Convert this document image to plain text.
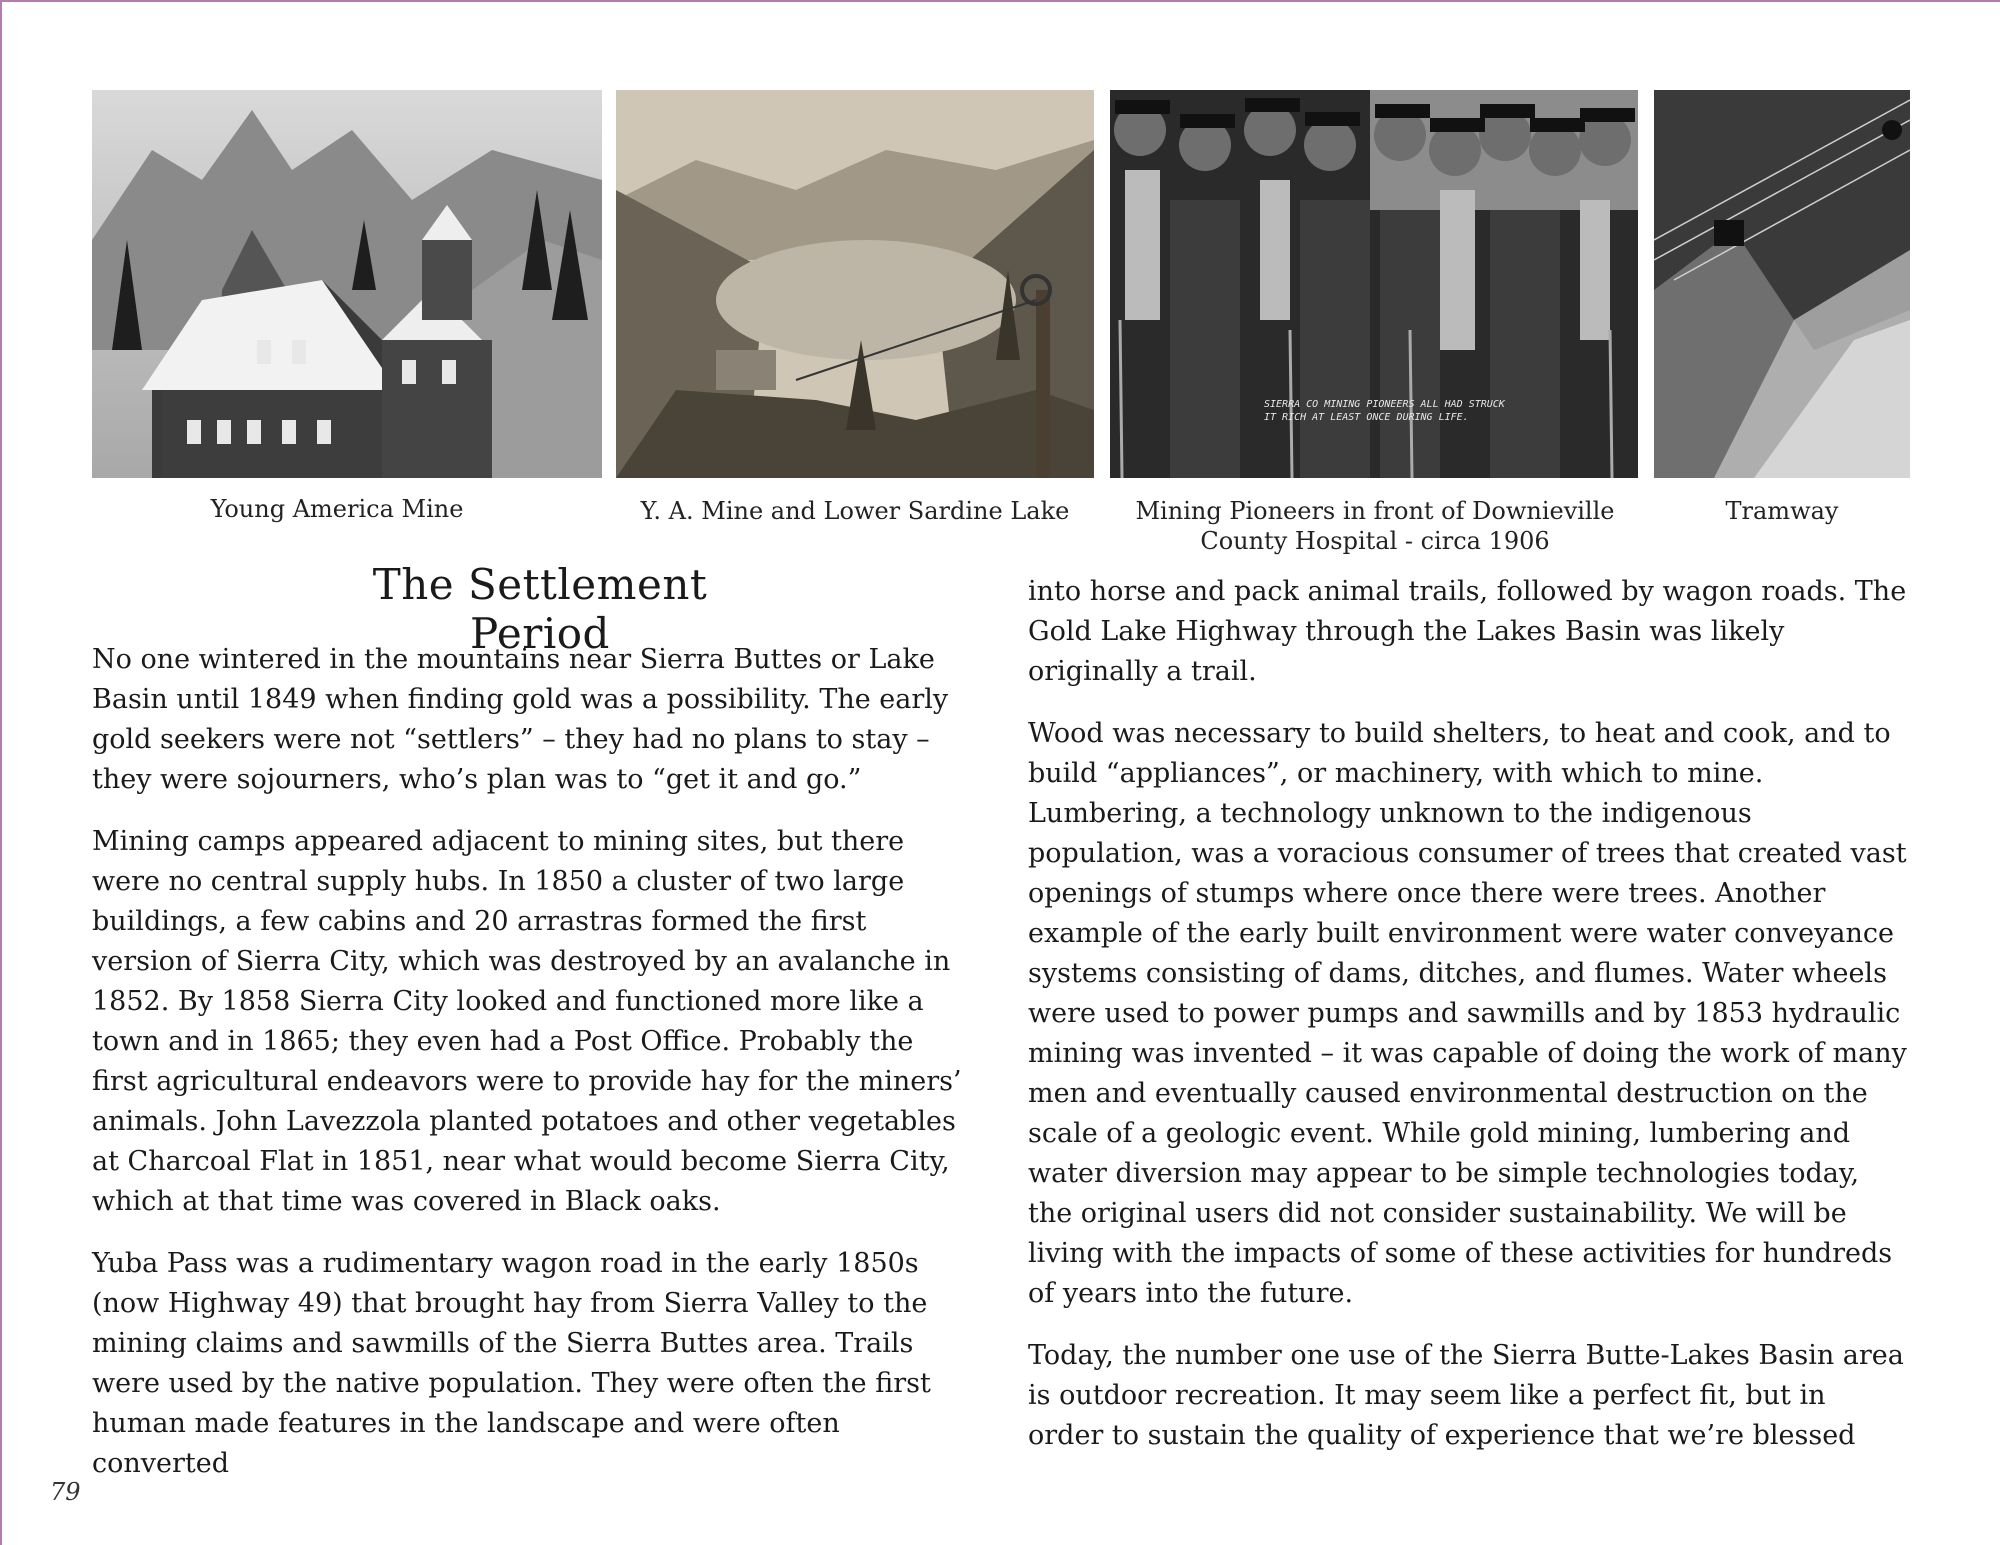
Young America Mine	Y. A. Mine and Lower Sardine Lake
SIERRA CO MINING PIONEERS ALL HAD STRUCK IT RICH AT LEAST ONCE DURING LIFE.
Mining Pioneers in front of Downieville County Hospital - circa 1906
Tramway
The Settlement Period

No one wintered in the mountains near Sierra Buttes or Lake Basin until 1849 when finding gold was a possibility. The early gold seekers were not “settlers” – they had no plans to stay – they were sojourners, who’s plan was to “get it and go.”

Mining camps appeared adjacent to mining sites, but there were no central supply hubs. In 1850 a cluster of two large buildings, a few cabins and 20 arrastras formed the first version of Sierra City, which was destroyed by an avalanche in 1852. By 1858 Sierra City looked and functioned more like a town and in 1865; they even had a Post Office. Probably the first agricultural endeavors were to provide hay for the miners’ animals. John Lavezzola planted potatoes and other vegetables at Charcoal Flat in 1851, near what would become Sierra City, which at that time was covered in Black oaks.

Yuba Pass was a rudimentary wagon road in the early 1850s (now Highway 49) that brought hay from Sierra Valley to the mining claims and sawmills of the Sierra Buttes area. Trails were used by the native population. They were often the first human made features in the landscape and were often converted

into horse and pack animal trails, followed by wagon roads. The Gold Lake Highway through the Lakes Basin was likely originally a trail.

Wood was necessary to build shelters, to heat and cook, and to build “appliances”, or machinery, with which to mine. Lumbering, a technology unknown to the indigenous population, was a voracious consumer of trees that created vast openings of stumps where once there were trees. Another example of the early built environment were water conveyance systems consisting of dams, ditches, and flumes. Water wheels were used to power pumps and sawmills and by 1853 hydraulic mining was invented – it was capable of doing the work of many men and eventually caused environmental destruction on the scale of a geologic event. While gold mining, lumbering and water diversion may appear to be simple technologies today, the original users did not consider sustainability. We will be living with the impacts of some of these activities for hundreds of years into the future.

Today, the number one use of the Sierra Butte-Lakes Basin area is outdoor recreation. It may seem like a perfect fit, but in order to sustain the quality of experience that we’re blessed

79
